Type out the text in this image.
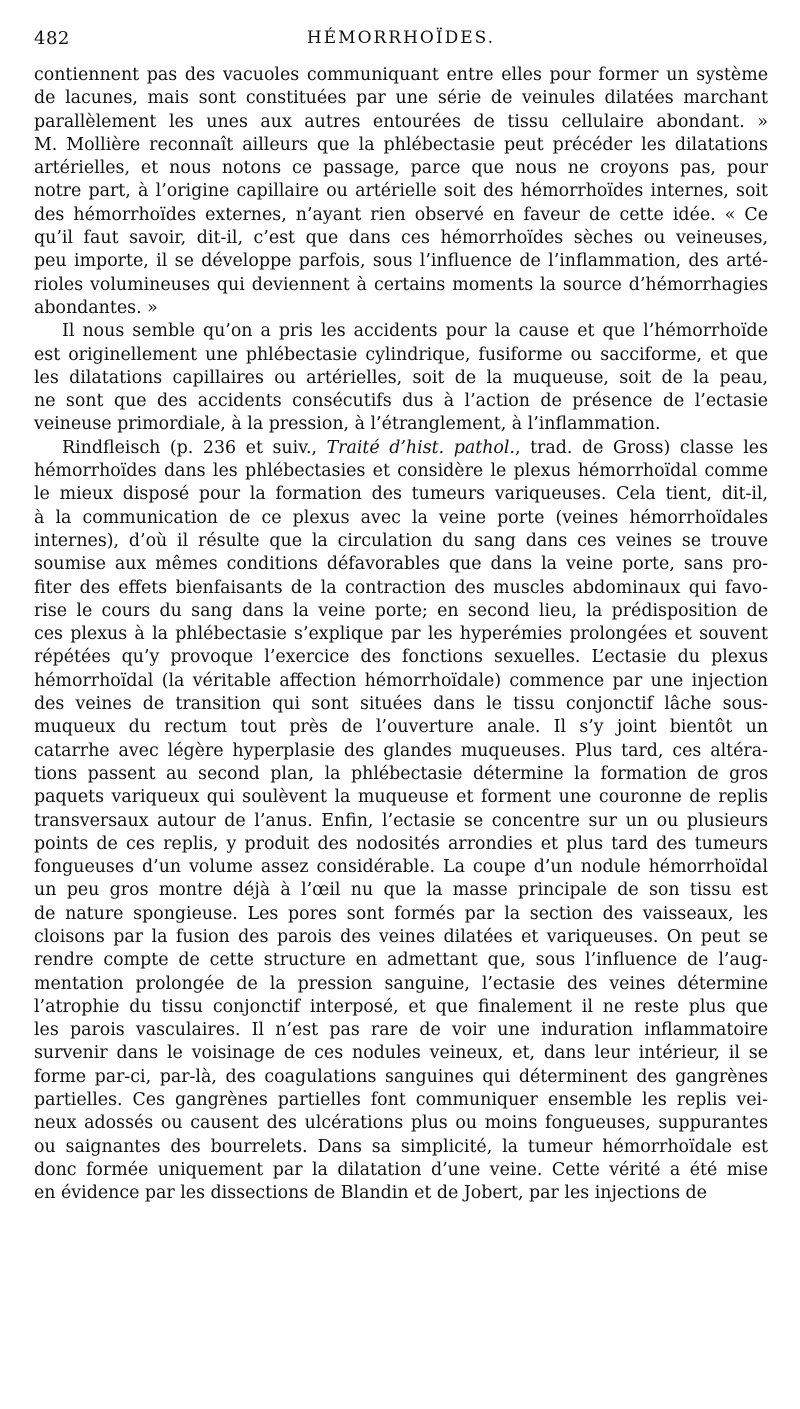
482	HÉMORRHOÏDES.
contiennent pas des vacuoles communiquant entre elles pour former un système
de lacunes, mais sont constituées par une série de veinules dilatées marchant
parallèlement les unes aux autres entourées de tissu cellulaire abondant. »
M. Mollière reconnaît ailleurs que la phlébectasie peut précéder les dilatations
artérielles, et nous notons ce passage, parce que nous ne croyons pas, pour
notre part, à l’origine capillaire ou artérielle soit des hémorrhoïdes internes, soit
des hémorrhoïdes externes, n’ayant rien observé en faveur de cette idée. « Ce
qu’il faut savoir, dit-il, c’est que dans ces hémorrhoïdes sèches ou veineuses,
peu importe, il se développe parfois, sous l’influence de l’inflammation, des arté-
rioles volumineuses qui deviennent à certains moments la source d’hémorrhagies
abondantes. »
Il nous semble qu’on a pris les accidents pour la cause et que l’hémorrhoïde
est originellement une phlébectasie cylindrique, fusiforme ou sacciforme, et que
les dilatations capillaires ou artérielles, soit de la muqueuse, soit de la peau,
ne sont que des accidents consécutifs dus à l’action de présence de l’ectasie
veineuse primordiale, à la pression, à l’étranglement, à l’inflammation.
Rindfleisch (p. 236 et suiv., Traité d’hist. pathol., trad. de Gross) classe les
hémorrhoïdes dans les phlébectasies et considère le plexus hémorrhoïdal comme
le mieux disposé pour la formation des tumeurs variqueuses. Cela tient, dit-il,
à la communication de ce plexus avec la veine porte (veines hémorrhoïdales
internes), d’où il résulte que la circulation du sang dans ces veines se trouve
soumise aux mêmes conditions défavorables que dans la veine porte, sans pro-
fiter des effets bienfaisants de la contraction des muscles abdominaux qui favo-
rise le cours du sang dans la veine porte; en second lieu, la prédisposition de
ces plexus à la phlébectasie s’explique par les hyperémies prolongées et souvent
répétées qu’y provoque l’exercice des fonctions sexuelles. L’ectasie du plexus
hémorrhoïdal (la véritable affection hémorrhoïdale) commence par une injection
des veines de transition qui sont situées dans le tissu conjonctif lâche sous-
muqueux du rectum tout près de l’ouverture anale. Il s’y joint bientôt un
catarrhe avec légère hyperplasie des glandes muqueuses. Plus tard, ces altéra-
tions passent au second plan, la phlébectasie détermine la formation de gros
paquets variqueux qui soulèvent la muqueuse et forment une couronne de replis
transversaux autour de l’anus. Enfin, l’ectasie se concentre sur un ou plusieurs
points de ces replis, y produit des nodosités arrondies et plus tard des tumeurs
fongueuses d’un volume assez considérable. La coupe d’un nodule hémorrhoïdal
un peu gros montre déjà à l’œil nu que la masse principale de son tissu est
de nature spongieuse. Les pores sont formés par la section des vaisseaux, les
cloisons par la fusion des parois des veines dilatées et variqueuses. On peut se
rendre compte de cette structure en admettant que, sous l’influence de l’aug-
mentation prolongée de la pression sanguine, l’ectasie des veines détermine
l’atrophie du tissu conjonctif interposé, et que finalement il ne reste plus que
les parois vasculaires. Il n’est pas rare de voir une induration inflammatoire
survenir dans le voisinage de ces nodules veineux, et, dans leur intérieur, il se
forme par-ci, par-là, des coagulations sanguines qui déterminent des gangrènes
partielles. Ces gangrènes partielles font communiquer ensemble les replis vei-
neux adossés ou causent des ulcérations plus ou moins fongueuses, suppurantes
ou saignantes des bourrelets. Dans sa simplicité, la tumeur hémorrhoïdale est
donc formée uniquement par la dilatation d’une veine. Cette vérité a été mise
en évidence par les dissections de Blandin et de Jobert, par les injections de
